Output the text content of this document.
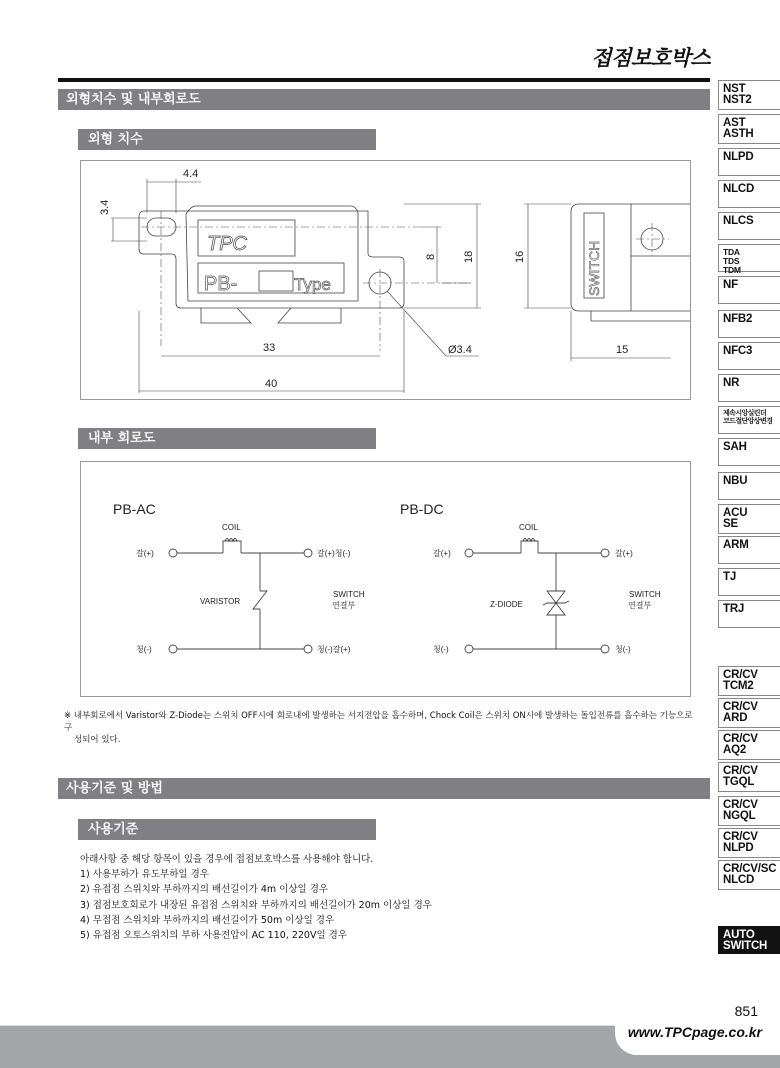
접점보호박스
외형치수 및 내부회로도
외형 치수
4.4
3.4
TPC
PB-	Type
8 18	16
33
40
Ø3.4	15
SWITCH
내부 회로도
PB-AC
COIL
갈(+)
청(-)
갈(+)청(-)
청(-)갈(+)
VARISTOR
SWITCH
연결부
PB-DC
COIL
갈(+)
청(-)
갈(+)
청(-)
Z-DIODE
SWITCH
연결부
※ 내부회로에서 Varistor와 Z-Diode는 스위치 OFF시에 회로내에 발생하는 서지전압을 흡수하며, Chock Coil은 스위치 ON시에 발생하는 돌입전류를 흡수하는 기능으로 구
성되어 있다.
사용기준 및 방법
사용기준
아래사항 중 해당 항목이 있을 경우에 접점보호박스를 사용해야 합니다.
1) 사용부하가 유도부하일 경우
2) 유접점 스위치와 부하까지의 배선길이가 4m 이상일 경우
3) 접점보호회로가 내장된 유접점 스위치와 부하까지의 배선길이가 20m 이상일 경우
4) 무접점 스위치와 부하까지의 배선길이가 50m 이상일 경우
5) 유접점 오토스위치의 부하 사용전압이 AC 110, 220V일 경우
NST
NST2
AST
ASTH
NLPD
NLCD
NLCS
TDA
TDS
TDM
NF
NFB2
NFC3
NR
제속시앙실린더
코드절단앙상변경
SAH
NBU
ACU
SE
ARM
TJ
TRJ
CR/CV
TCM2
CR/CV
ARD
CR/CV
AQ2
CR/CV
TGQL
CR/CV
NGQL
CR/CV
NLPD
CR/CV/SC
NLCD
AUTO
SWITCH
851
www.TPCpage.co.kr
